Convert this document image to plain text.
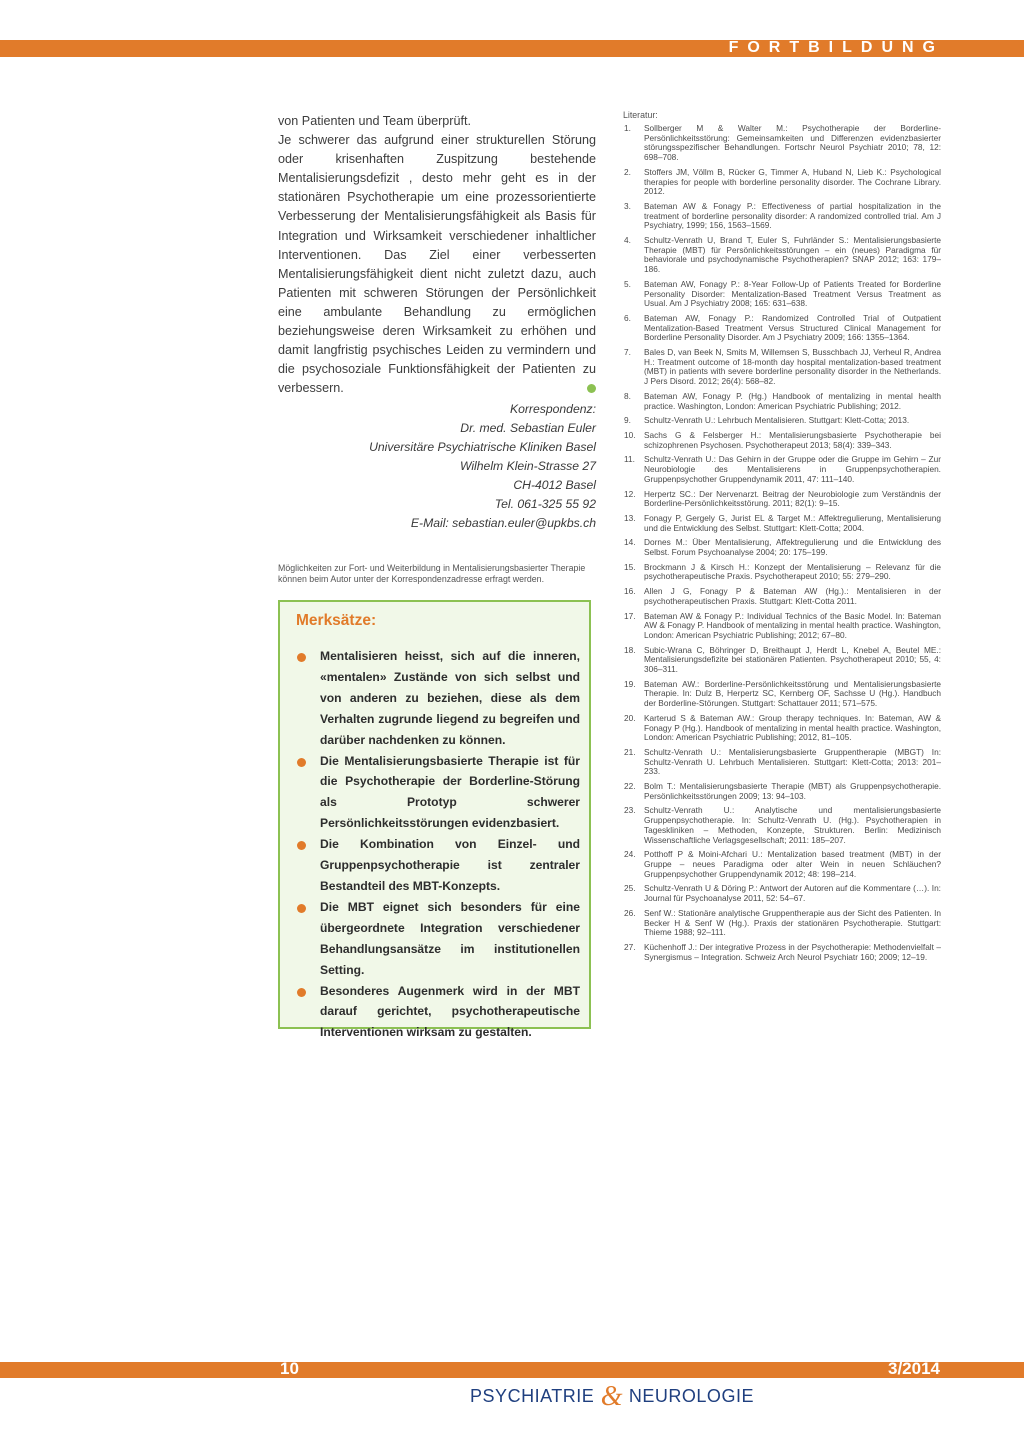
FORTBILDUNG

von Patienten und Team überprüft.

Je schwerer das aufgrund einer strukturellen Störung oder krisenhaften Zuspitzung bestehende Mentalisierungsdefizit , desto mehr geht es in der stationären Psychotherapie um eine prozessorientierte Verbesserung der Mentalisierungsfähigkeit als Basis für Integration und Wirksamkeit verschiedener inhaltlicher Interventionen. Das Ziel einer verbesserten Mentalisierungsfähigkeit dient nicht zuletzt dazu, auch Patienten mit schweren Störungen der Persönlichkeit eine ambulante Behandlung zu ermöglichen beziehungsweise deren Wirksamkeit zu erhöhen und damit langfristig psychisches Leiden zu vermindern und die psychosoziale Funktionsfähigkeit der Patienten zu verbessern.

Korrespondenz:
Dr. med. Sebastian Euler
Universitäre Psychiatrische Kliniken Basel
Wilhelm Klein-Strasse 27
CH-4012 Basel
Tel. 061-325 55 92
E-Mail: sebastian.euler@upkbs.ch
Möglichkeiten zur Fort- und Weiterbildung in Mentalisierungsbasierter Therapie können beim Autor unter der Korrespondenzadresse erfragt werden.
Merksätze:
Mentalisieren heisst, sich auf die inneren, «mentalen» Zustände von sich selbst und von anderen zu beziehen, diese als dem Verhalten zugrunde liegend zu begreifen und darüber nachdenken zu können.
Die Mentalisierungsbasierte Therapie ist für die Psychotherapie der Borderline-Störung als Prototyp schwerer Persönlichkeitsstörungen evidenzbasiert.
Die Kombination von Einzel- und Gruppenpsychotherapie ist zentraler Bestandteil des MBT-Konzepts.
Die MBT eignet sich besonders für eine übergeordnete Integration verschiedener Behandlungsansätze im institutionellen Setting.
Besonderes Augenmerk wird in der MBT darauf gerichtet, psychotherapeutische Interventionen wirksam zu gestalten.
Literatur:
1. Sollberger M & Walter M.: Psychotherapie der Borderline-Persönlichkeitsstörung: Gemeinsamkeiten und Differenzen evidenzbasierter störungsspezifischer Behandlungen. Fortschr Neurol Psychiatr 2010; 78, 12: 698–708.
2. Stoffers JM, Völlm B, Rücker G, Timmer A, Huband N, Lieb K.: Psychological therapies for people with borderline personality disorder. The Cochrane Library. 2012.
3. Bateman AW & Fonagy P.: Effectiveness of partial hospitalization in the treatment of borderline personality disorder: A randomized controlled trial. Am J Psychiatry, 1999; 156, 1563–1569.
4. Schultz-Venrath U, Brand T, Euler S, Fuhrländer S.: Mentalisierungsbasierte Therapie (MBT) für Persönlichkeitsstörungen – ein (neues) Paradigma für behaviorale und psychodynamische Psychotherapien? SNAP 2012; 163: 179–186.
5. Bateman AW, Fonagy P.: 8-Year Follow-Up of Patients Treated for Borderline Personality Disorder: Mentalization-Based Treatment Versus Treatment as Usual. Am J Psychiatry 2008; 165: 631–638.
6. Bateman AW, Fonagy P.: Randomized Controlled Trial of Outpatient Mentalization-Based Treatment Versus Structured Clinical Management for Borderline Personality Disorder. Am J Psychiatry 2009; 166: 1355–1364.
7. Bales D, van Beek N, Smits M, Willemsen S, Busschbach JJ, Verheul R, Andrea H.: Treatment outcome of 18-month day hospital mentalization-based treatment (MBT) in patients with severe borderline personality disorder in the Netherlands. J Pers Disord. 2012; 26(4): 568–82.
8. Bateman AW, Fonagy P. (Hg.) Handbook of mentalizing in mental health practice. Washington, London: American Psychiatric Publishing; 2012.
9. Schultz-Venrath U.: Lehrbuch Mentalisieren. Stuttgart: Klett-Cotta; 2013.
10. Sachs G & Felsberger H.: Mentalisierungsbasierte Psychotherapie bei schizophrenen Psychosen. Psychotherapeut 2013; 58(4): 339–343.
11. Schultz-Venrath U.: Das Gehirn in der Gruppe oder die Gruppe im Gehirn – Zur Neurobiologie des Mentalisierens in Gruppenpsychotherapien. Gruppenpsychother Gruppendynamik 2011, 47: 111–140.
12. Herpertz SC.: Der Nervenarzt. Beitrag der Neurobiologie zum Verständnis der Borderline-Persönlichkeitsstörung. 2011; 82(1): 9–15.
13. Fonagy P, Gergely G, Jurist EL & Target M.: Affektregulierung, Mentalisierung und die Entwicklung des Selbst. Stuttgart: Klett-Cotta; 2004.
14. Dornes M.: Über Mentalisierung, Affektregulierung und die Entwicklung des Selbst. Forum Psychoanalyse 2004; 20: 175–199.
15. Brockmann J & Kirsch H.: Konzept der Mentalisierung – Relevanz für die psychotherapeutische Praxis. Psychotherapeut 2010; 55: 279–290.
16. Allen J G, Fonagy P & Bateman AW (Hg.).: Mentalisieren in der psychotherapeutischen Praxis. Stuttgart: Klett-Cotta 2011.
17. Bateman AW & Fonagy P.: Individual Technics of the Basic Model. In: Bateman AW & Fonagy P. Handbook of mentalizing in mental health practice. Washington, London: American Psychiatric Publishing; 2012; 67–80.
18. Subic-Wrana C, Böhringer D, Breithaupt J, Herdt L, Knebel A, Beutel ME.: Mentalisierungsdefizite bei stationären Patienten. Psychotherapeut 2010; 55, 4: 306–311.
19. Bateman AW.: Borderline-Persönlichkeitsstörung und Mentalisierungsbasierte Therapie. In: Dulz B, Herpertz SC, Kernberg OF, Sachsse U (Hg.). Handbuch der Borderline-Störungen. Stuttgart: Schattauer 2011; 571–575.
20. Karterud S & Bateman AW.: Group therapy techniques. In: Bateman, AW & Fonagy P (Hg.). Handbook of mentalizing in mental health practice. Washington, London: American Psychiatric Publishing; 2012, 81–105.
21. Schultz-Venrath U.: Mentalisierungsbasierte Gruppentherapie (MBGT) In: Schultz-Venrath U. Lehrbuch Mentalisieren. Stuttgart: Klett-Cotta; 2013: 201–233.
22. Bolm T.: Mentalisierungsbasierte Therapie (MBT) als Gruppenpsychotherapie. Persönlichkeitsstörungen 2009; 13: 94–103.
23. Schultz-Venrath U.: Analytische und mentalisierungsbasierte Gruppenpsychotherapie. In: Schultz-Venrath U. (Hg.). Psychotherapien in Tageskliniken – Methoden, Konzepte, Strukturen. Berlin: Medizinisch Wissenschaftliche Verlagsgesellschaft; 2011: 185–207.
24. Potthoff P & Moini-Afchari U.: Mentalization based treatment (MBT) in der Gruppe – neues Paradigma oder alter Wein in neuen Schläuchen? Gruppenpsychother Gruppendynamik 2012; 48: 198–214.
25. Schultz-Venrath U & Döring P.: Antwort der Autoren auf die Kommentare (…). In: Journal für Psychoanalyse 2011, 52: 54–67.
26. Senf W.: Stationäre analytische Gruppentherapie aus der Sicht des Patienten. In Becker H & Senf W (Hg.). Praxis der stationären Psychotherapie. Stuttgart: Thieme 1988; 92–111.
27. Küchenhoff J.: Der integrative Prozess in der Psychotherapie: Methodenvielfalt – Synergismus – Integration. Schweiz Arch Neurol Psychiatr 160; 2009; 12–19.
10	3/2014
PSYCHIATRIE & NEUROLOGIE
